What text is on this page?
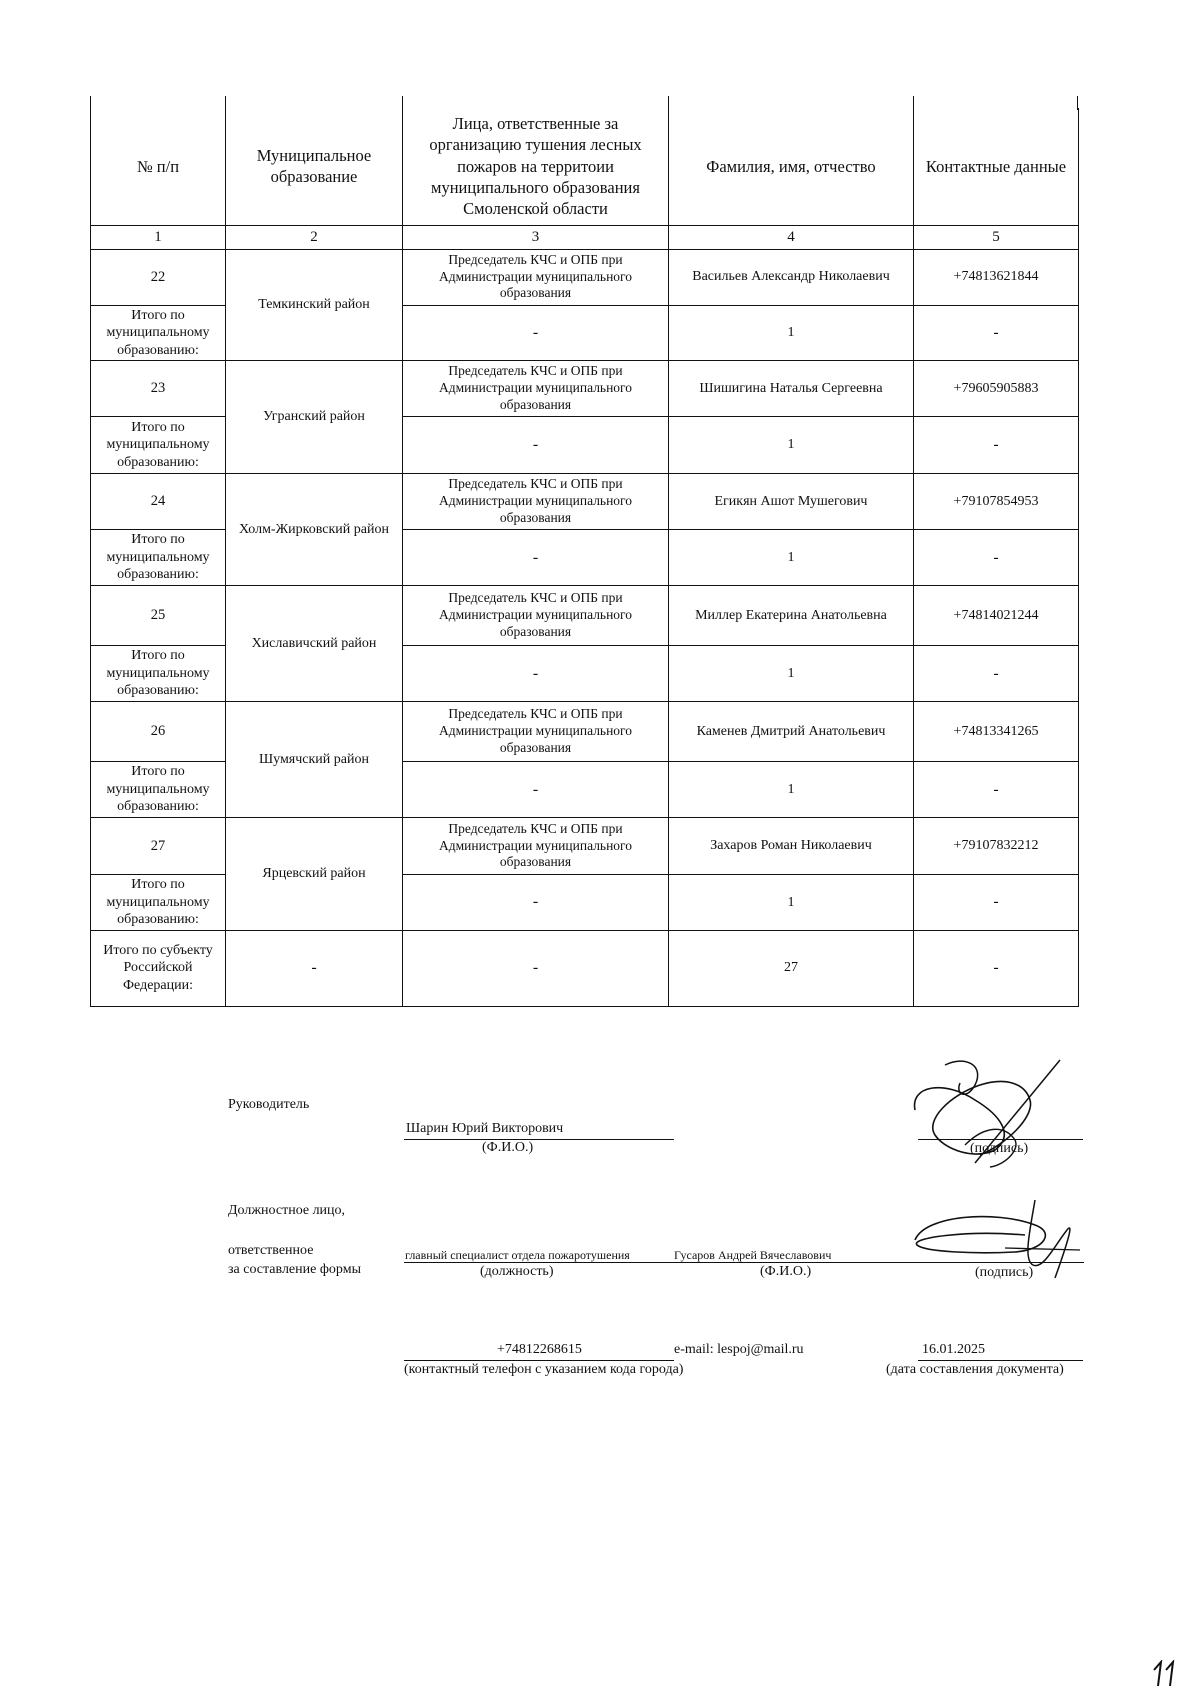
№ п/п	Муниципальное образование	Лица, ответственные за организацию тушения лесных пожаров на территоии муниципального образования Смоленской области	Фамилия, имя, отчество	Контактные данные
1	2	3	4	5
22	Темкинский район	Председатель КЧС и ОПБ при Администрации муниципального образования	Васильев Александр Николаевич	+74813621844
Итого по муниципальному образованию:		-	1	-
23	Угранский район	Председатель КЧС и ОПБ при Администрации муниципального образования	Шишигина Наталья Сергеевна	+79605905883
Итого по муниципальному образованию:		-	1	-
24	Холм-Жирковский район	Председатель КЧС и ОПБ при Администрации муниципального образования	Егикян Ашот Мушегович	+79107854953
Итого по муниципальному образованию:		-	1	-
25	Хиславичский район	Председатель КЧС и ОПБ при Администрации муниципального образования	Миллер Екатерина Анатольевна	+74814021244
Итого по муниципальному образованию:		-	1	-
26	Шумячский район	Председатель КЧС и ОПБ при Администрации муниципального образования	Каменев Дмитрий Анатольевич	+74813341265
Итого по муниципальному образованию:		-	1	-
27	Ярцевский район	Председатель КЧС и ОПБ при Администрации муниципального образования	Захаров Роман Николаевич	+79107832212
Итого по муниципальному образованию:		-	1	-
Итого по субъекту Российской Федерации:	-	-	27	-
Руководитель
Шарин Юрий Викторович
(Ф.И.О.)	(подпись)
Должностное лицо,
ответственное
за составление формы
главный специалист отдела пожаротушения	Гусаров Андрей Вячеславович
(должность)	(Ф.И.О.)	(подпись)
+74812268615	e-mail: lespoj@mail.ru
(контактный телефон с указанием кода города)
16.01.2025
(дата составления документа)
